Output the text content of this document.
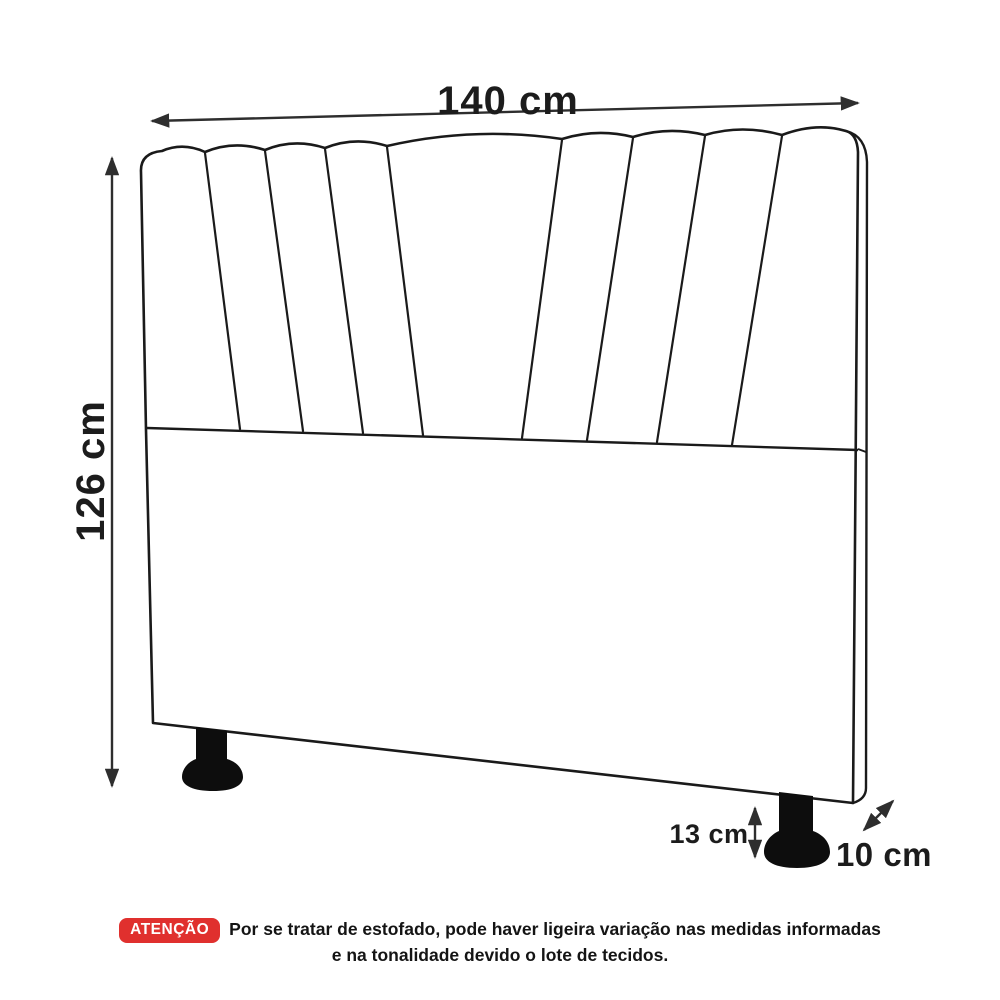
140 cm
126 cm
13 cm
10 cm
ATENÇÃO	Por se tratar de estofado, pode haver ligeira variação nas medidas informadas
e na tonalidade devido o lote de tecidos.
